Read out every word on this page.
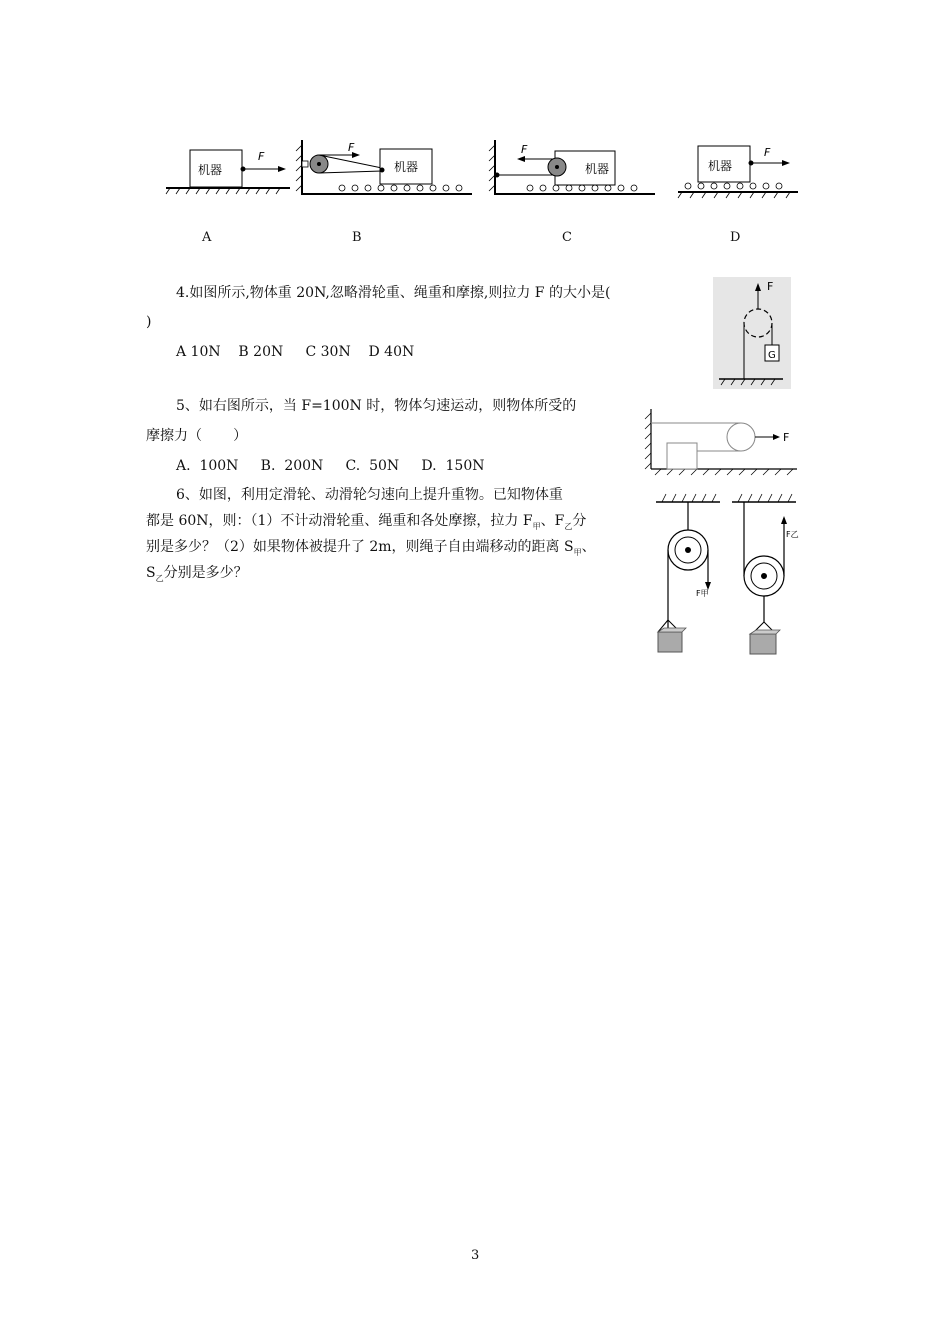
机器
F
机器
F
机器
F
机器
F
A	B	C	D
4.如图所示,物体重 20N,忽略滑轮重、绳重和摩擦,则拉力 F 的大小是(
)
A 10N    B 20N     C 30N    D 40N
F
G
5、如右图所示，当 F=100N 时，物体匀速运动，则物体所受的
摩擦力（       ）
A.  100N     B.  200N     C.  50N     D.  150N
F
6、如图，利用定滑轮、动滑轮匀速向上提升重物。已知物体重
都是 60N，则：（1）不计动滑轮重、绳重和各处摩擦，拉力 $F_甲$、$F_乙$分
别是多少？（2）如果物体被提升了 2m，则绳子自由端移动的距离 $S_甲$、
$S_乙$分别是多少？
F甲
F乙
3
